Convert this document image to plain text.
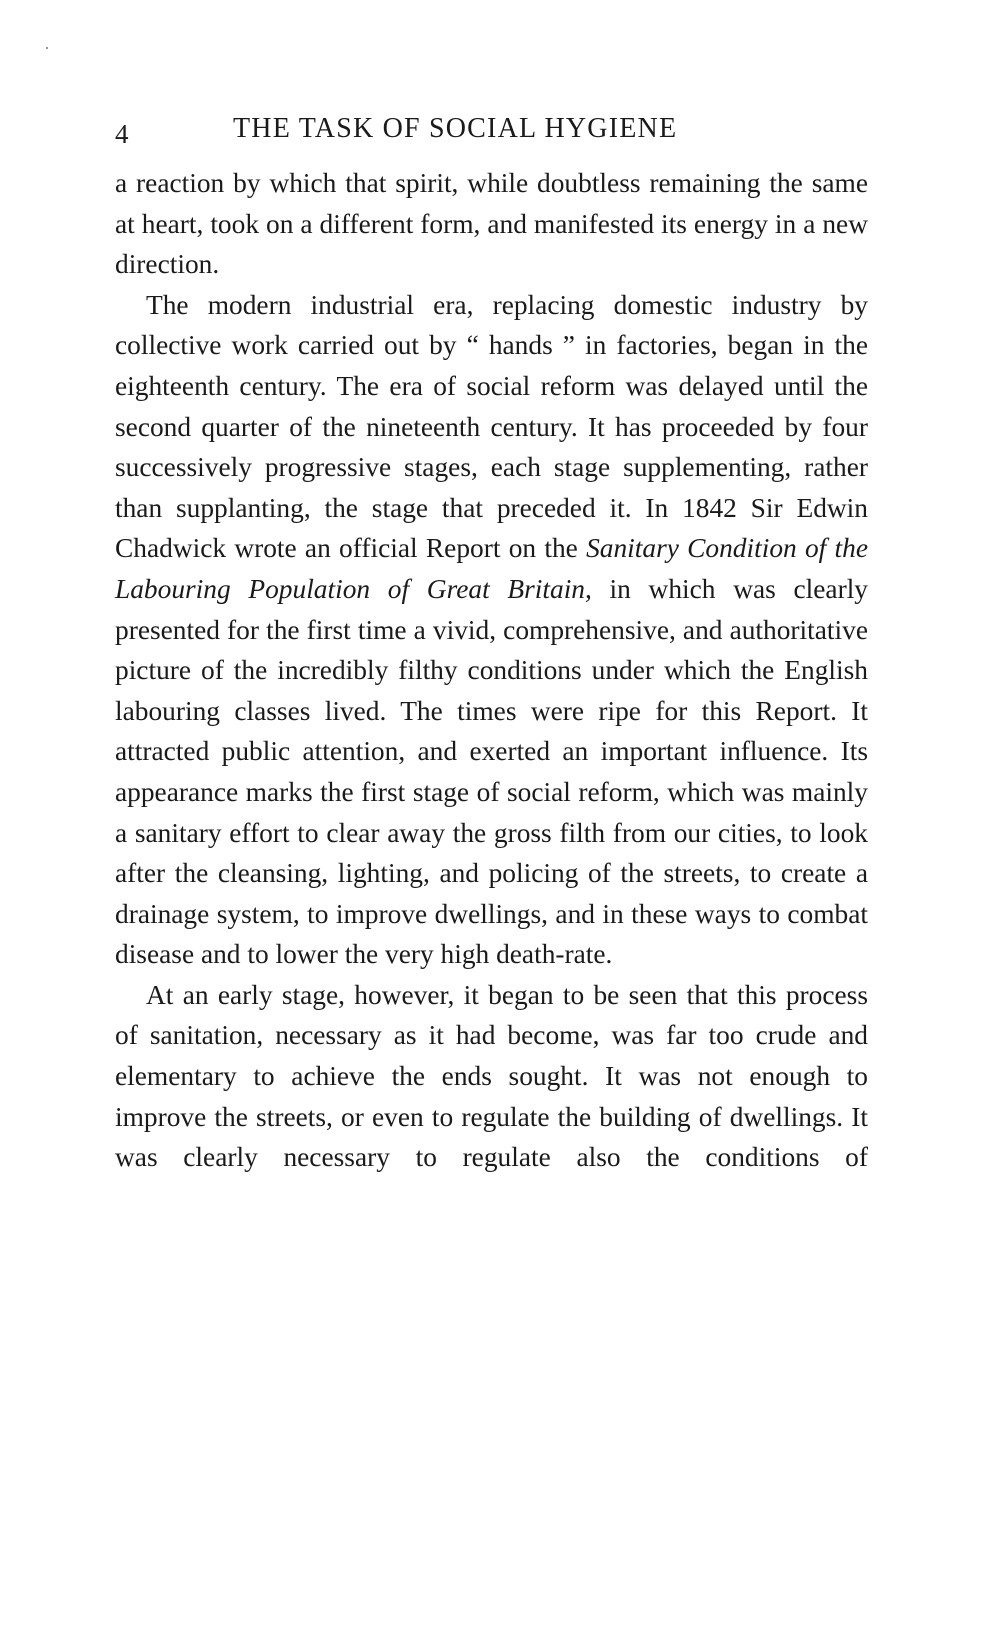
4	THE TASK OF SOCIAL HYGIENE

a reaction by which that spirit, while doubtless remaining the same at heart, took on a different form, and manifested its energy in a new direction.

The modern industrial era, replacing domestic industry by collective work carried out by “ hands ” in factories, began in the eighteenth century. The era of social reform was delayed until the second quarter of the nineteenth century. It has proceeded by four successively progressive stages, each stage supplementing, rather than supplanting, the stage that preceded it. In 1842 Sir Edwin Chadwick wrote an official Report on the Sanitary Condition of the Labouring Population of Great Britain, in which was clearly presented for the first time a vivid, comprehensive, and authoritative picture of the incredibly filthy conditions under which the English labouring classes lived. The times were ripe for this Report. It attracted public attention, and exerted an important influence. Its appearance marks the first stage of social reform, which was mainly a sanitary effort to clear away the gross filth from our cities, to look after the cleansing, lighting, and policing of the streets, to create a drainage system, to improve dwellings, and in these ways to combat disease and to lower the very high death-rate.

At an early stage, however, it began to be seen that this process of sanitation, necessary as it had become, was far too crude and elementary to achieve the ends sought. It was not enough to improve the streets, or even to regulate the building of dwellings. It was clearly necessary to regulate also the conditions of
